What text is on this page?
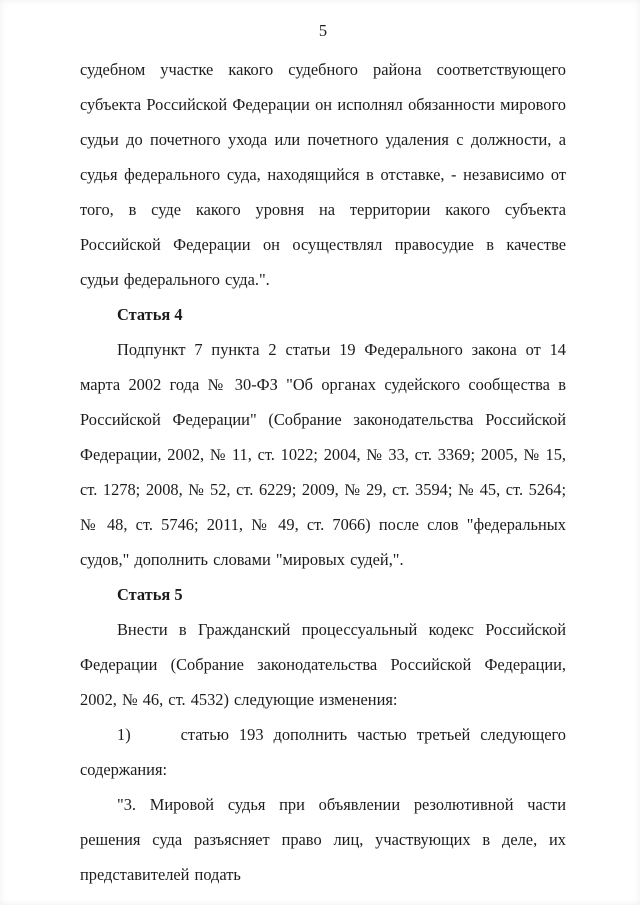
5

судебном участке какого судебного района соответствующего субъекта Российской Федерации он исполнял обязанности мирового судьи до почетного ухода или почетного удаления с должности, а судья федерального суда, находящийся в отставке, - независимо от того, в суде какого уровня на территории какого субъекта Российской Федерации он осуществлял правосудие в качестве судьи федерального суда.".

Статья 4

Подпункт 7 пункта 2 статьи 19 Федерального закона от 14 марта 2002 года № 30-ФЗ "Об органах судейского сообщества в Российской Федерации" (Собрание законодательства Российской Федерации, 2002, № 11, ст. 1022; 2004, № 33, ст. 3369; 2005, № 15, ст. 1278; 2008, № 52, ст. 6229; 2009, № 29, ст. 3594; № 45, ст. 5264; № 48, ст. 5746; 2011, № 49, ст. 7066) после слов "федеральных судов," дополнить словами "мировых судей,".

Статья 5

Внести в Гражданский процессуальный кодекс Российской Федерации (Собрание законодательства Российской Федерации, 2002, № 46, ст. 4532) следующие изменения:

1)     статью 193 дополнить частью третьей следующего содержания:

"3. Мировой судья при объявлении резолютивной части решения суда разъясняет право лиц, участвующих в деле, их представителей подать
